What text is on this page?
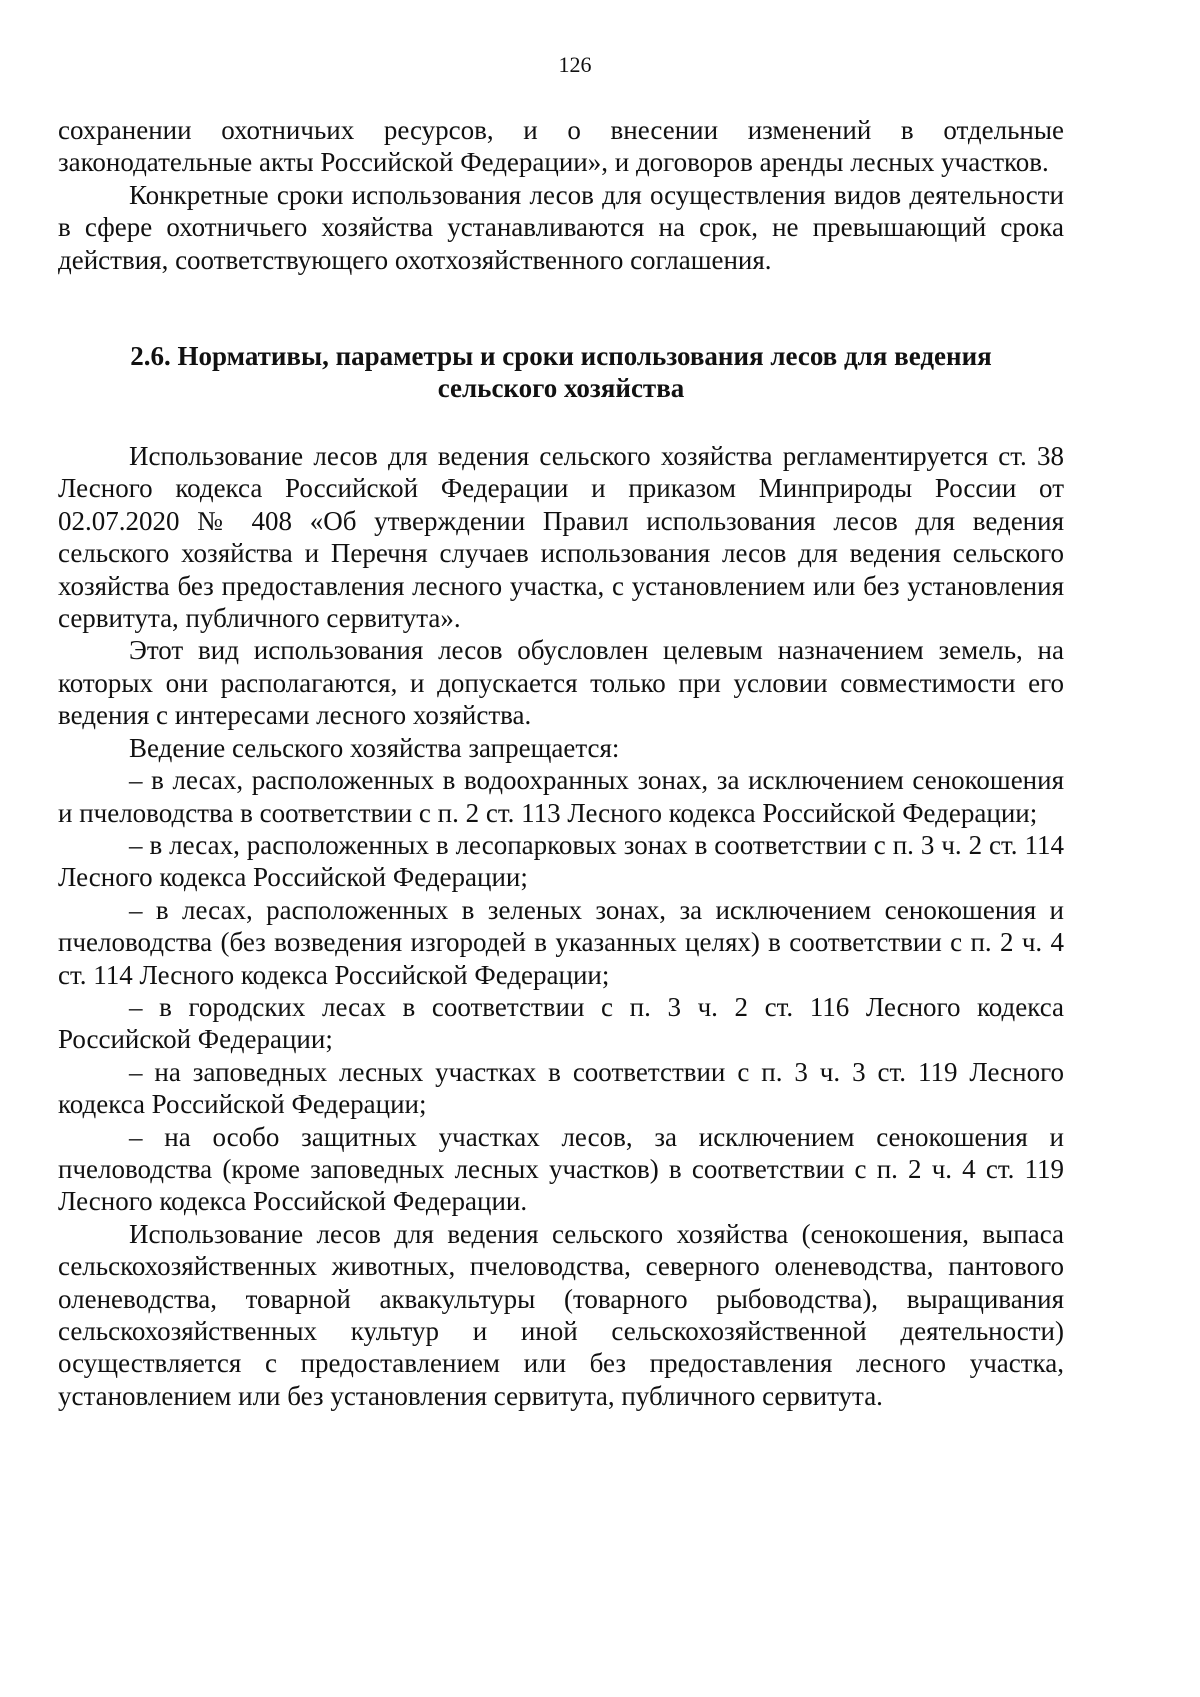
126

сохранении охотничьих ресурсов, и о внесении изменений в отдельные законодательные акты Российской Федерации», и договоров аренды лесных участков.

Конкретные сроки использования лесов для осуществления видов деятельности в сфере охотничьего хозяйства устанавливаются на срок, не превышающий срока действия, соответствующего охотхозяйственного соглашения.

2.6. Нормативы, параметры и сроки использования лесов для ведения
сельского хозяйства

Использование лесов для ведения сельского хозяйства регламентируется ст. 38 Лесного кодекса Российской Федерации и приказом Минприроды России от 02.07.2020 № 408 «Об утверждении Правил использования лесов для ведения сельского хозяйства и Перечня случаев использования лесов для ведения сельского хозяйства без предоставления лесного участка, с установлением или без установления сервитута, публичного сервитута».

Этот вид использования лесов обусловлен целевым назначением земель, на которых они располагаются, и допускается только при условии совместимости его ведения с интересами лесного хозяйства.

Ведение сельского хозяйства запрещается:

– в лесах, расположенных в водоохранных зонах, за исключением сенокошения и пчеловодства в соответствии с п. 2 ст. 113 Лесного кодекса Российской Федерации;

– в лесах, расположенных в лесопарковых зонах в соответствии с п. 3 ч. 2 ст. 114 Лесного кодекса Российской Федерации;

– в лесах, расположенных в зеленых зонах, за исключением сенокошения и пчеловодства (без возведения изгородей в указанных целях) в соответствии с п. 2 ч. 4 ст. 114 Лесного кодекса Российской Федерации;

– в городских лесах в соответствии с п. 3 ч. 2 ст. 116 Лесного кодекса Российской Федерации;

– на заповедных лесных участках в соответствии с п. 3 ч. 3 ст. 119 Лесного кодекса Российской Федерации;

– на особо защитных участках лесов, за исключением сенокошения и пчеловодства (кроме заповедных лесных участков) в соответствии с п. 2 ч. 4 ст. 119 Лесного кодекса Российской Федерации.

Использование лесов для ведения сельского хозяйства (сенокошения, выпаса сельскохозяйственных животных, пчеловодства, северного оленеводства, пантового оленеводства, товарной аквакультуры (товарного рыбоводства), выращивания сельскохозяйственных культур и иной сельскохозяйственной деятельности) осуществляется с предоставлением или без предоставления лесного участка, установлением или без установления сервитута, публичного сервитута.
